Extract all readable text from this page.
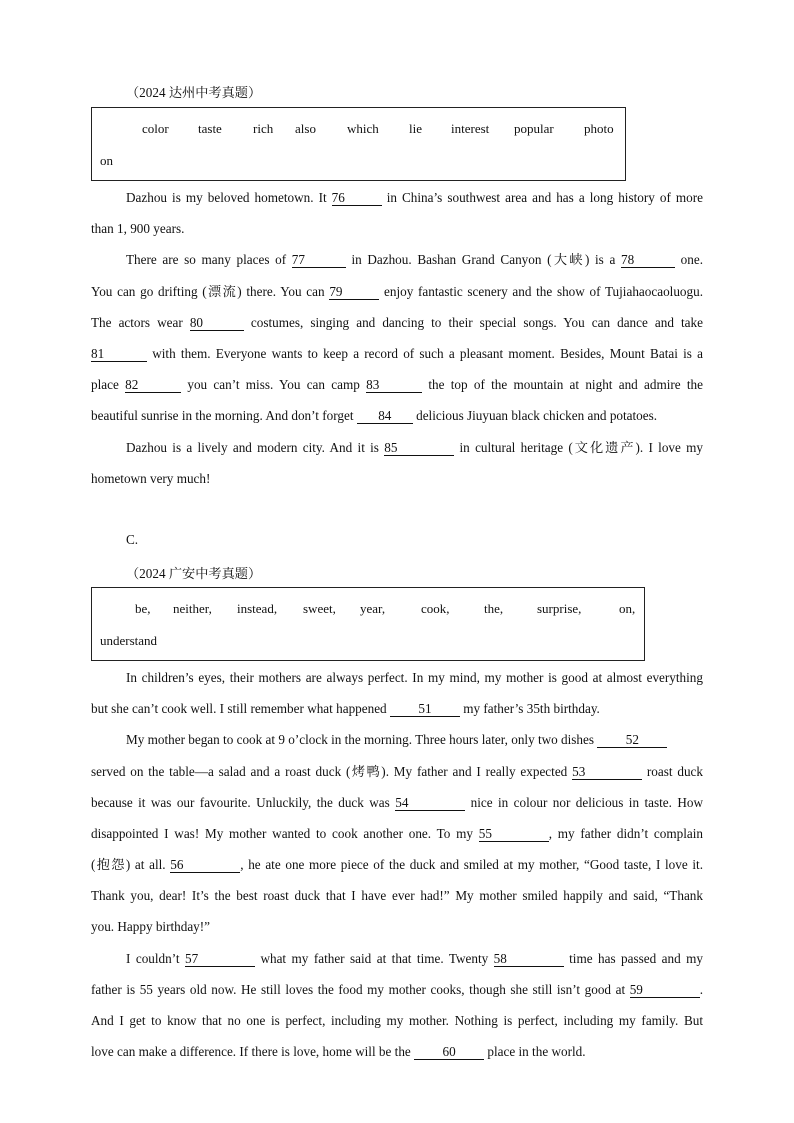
（2024 达州中考真题）
color taste rich also which lie interest popular photo
on
Dazhou is my beloved hometown. It 76	in China’s southwest area and has a long history of more
than 1, 900 years.
There are so many places of 77	in Dazhou. Bashan Grand Canyon (大峡) is a 78	one.
You can go drifting (漂流) there. You can 79	enjoy fantastic scenery and the show of Tujiahaocaoluogu.
The actors wear 80	costumes, singing and dancing to their special songs. You can dance and take
81	with them. Everyone wants to keep a record of such a pleasant moment. Besides, Mount Batai is a
place 82	you can’t miss. You can camp 83	the top of the mountain at night and admire the
beautiful sunrise in the morning. And don’t forget 84 delicious Jiuyuan black chicken and potatoes.
Dazhou is a lively and modern city. And it is 85	in cultural heritage (文化遗产). I love my
hometown very much!
C.
（2024 广安中考真题）
be, neither, instead, sweet, year,	cook,	the,	surprise,	on,
understand
In children’s eyes, their mothers are always perfect. In my mind, my mother is good at almost everything
but she can’t cook well. I still remember what happened 51 my father’s 35th birthday.
My mother began to cook at 9 o’clock in the morning. Three hours later, only two dishes 52
served on the table—a salad and a roast duck (烤鸭). My father and I really expected 53	roast duck
because it was our favourite. Unluckily, the duck was 54	nice in colour nor delicious in taste. How
disappointed I was! My mother wanted to cook another one. To my 55	, my father didn’t complain
(抱怨) at all. 56	, he ate one more piece of the duck and smiled at my mother, “Good taste, I love it.
Thank you, dear! It’s the best roast duck that I have ever had!” My mother smiled happily and said, “Thank
you. Happy birthday!”
I couldn’t 57	what my father said at that time. Twenty 58	time has passed and my
father is 55 years old now. He still loves the food my mother cooks, though she still isn’t good at 59	.
And I get to know that no one is perfect, including my mother. Nothing is perfect, including my family. But
love can make a difference. If there is love, home will be the 60 place in the world.
